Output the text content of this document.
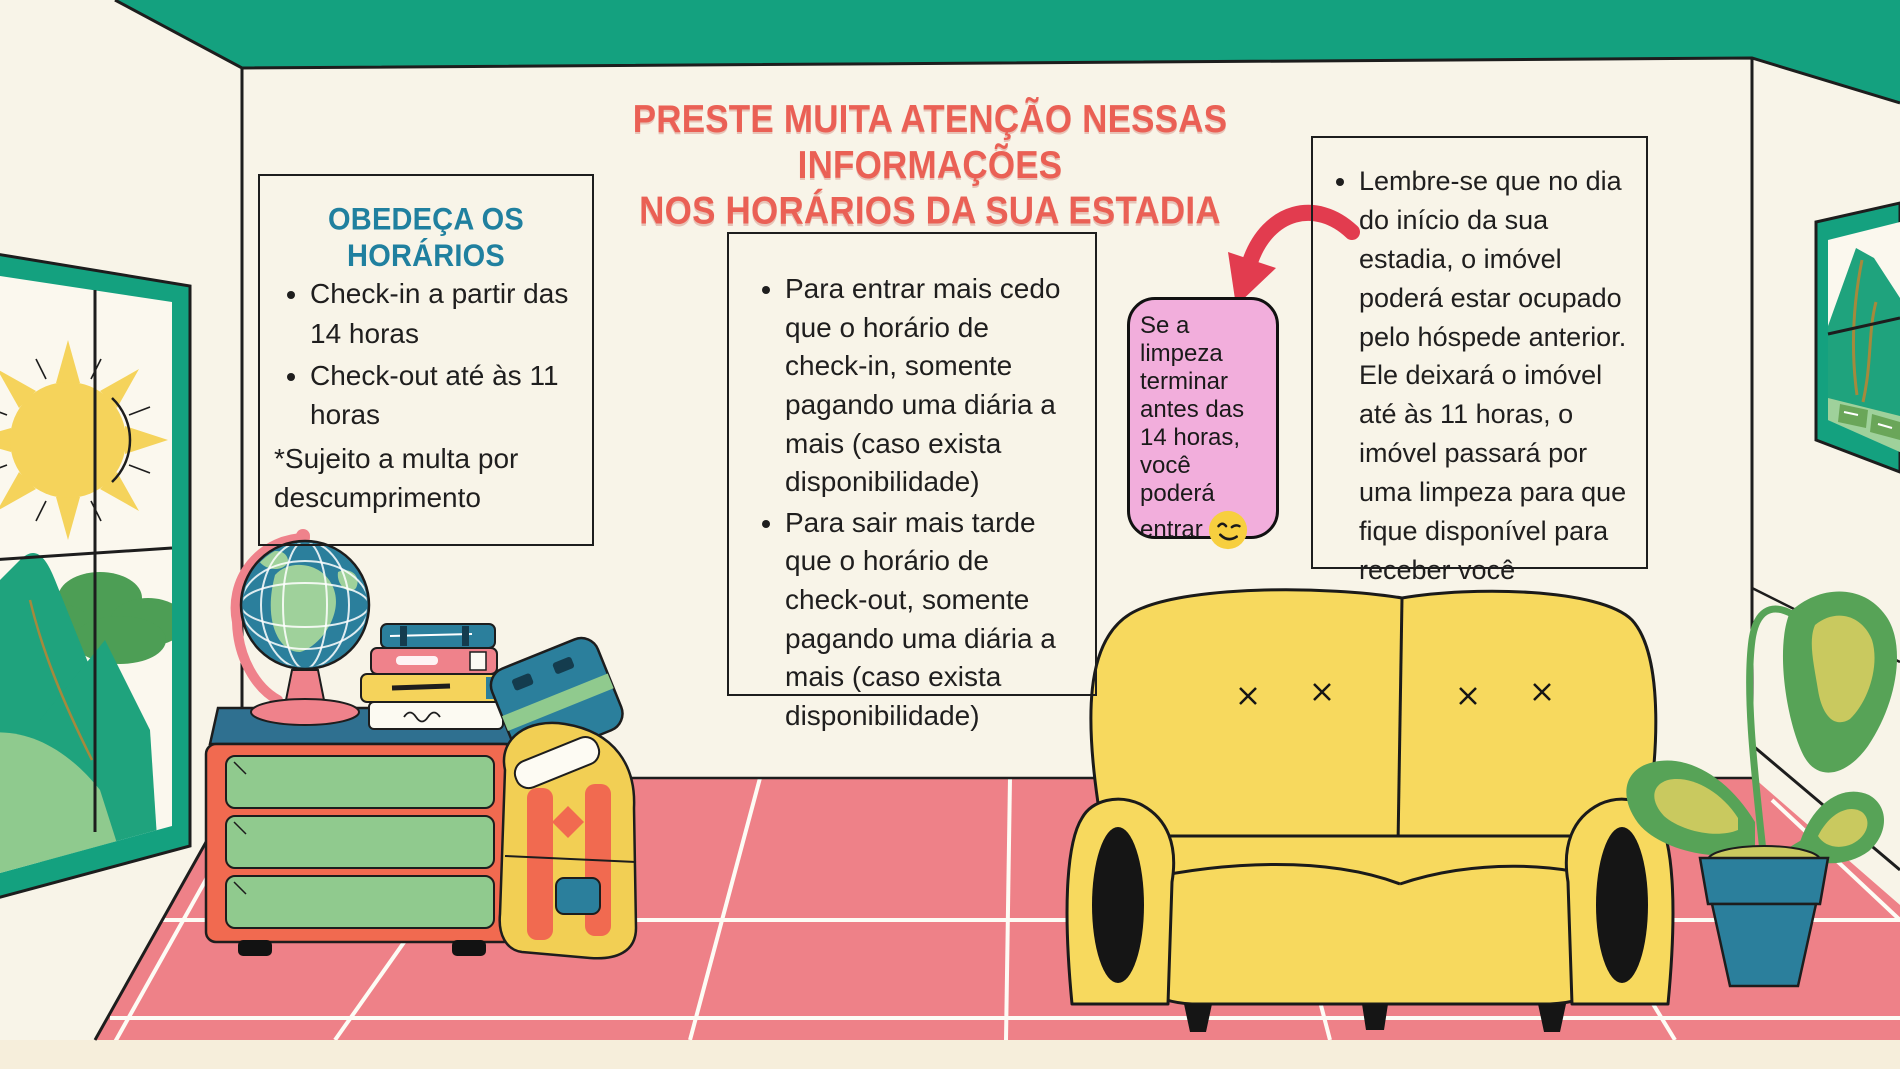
PRESTE MUITA ATENÇÃO NESSAS INFORMAÇÕES
NOS HORÁRIOS DA SUA ESTADIA
OBEDEÇA OS HORÁRIOS
• Check-in a partir das 14 horas
• Check-out até às 11 horas

*Sujeito a multa por descumprimento

• Para entrar mais cedo que o horário de check-in, somente pagando uma diária a mais (caso exista disponibilidade)
• Para sair mais tarde que o horário de check-out, somente pagando uma diária a mais (caso exista disponibilidade)
Se a limpeza terminar antes das 14 horas, você poderá entrar
• Lembre-se que no dia do início da sua estadia, o imóvel poderá estar ocupado pelo hóspede anterior. Ele deixará o imóvel até às 11 horas, o imóvel passará por uma limpeza para que fique disponível para receber você
